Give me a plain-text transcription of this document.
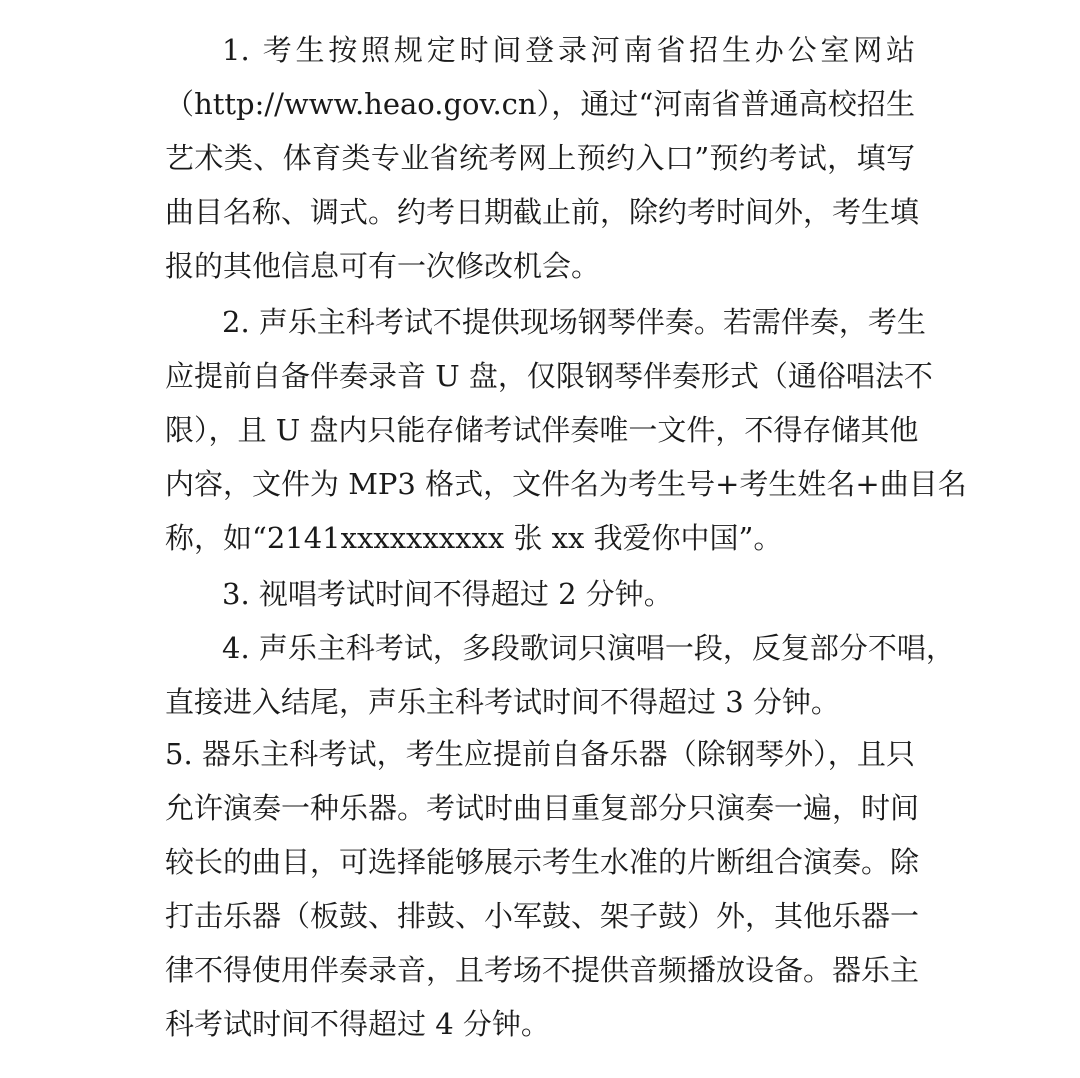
1. 考生按照规定时间登录河南省招生办公室网站
（http://www.heao.gov.cn），通过“河南省普通高校招生
艺术类、体育类专业省统考网上预约入口”预约考试，填写
曲目名称、调式。约考日期截止前，除约考时间外，考生填
报的其他信息可有一次修改机会。
2. 声乐主科考试不提供现场钢琴伴奏。若需伴奏，考生
应提前自备伴奏录音 U 盘，仅限钢琴伴奏形式（通俗唱法不
限），且 U 盘内只能存储考试伴奏唯一文件，不得存储其他
内容，文件为 MP3 格式，文件名为考生号+考生姓名+曲目名
称，如“2141xxxxxxxxxx 张 xx 我爱你中国”。
3. 视唱考试时间不得超过 2 分钟。
4. 声乐主科考试，多段歌词只演唱一段，反复部分不唱，
直接进入结尾，声乐主科考试时间不得超过 3 分钟。
5. 器乐主科考试，考生应提前自备乐器（除钢琴外），且只
允许演奏一种乐器。考试时曲目重复部分只演奏一遍，时间
较长的曲目，可选择能够展示考生水准的片断组合演奏。除
打击乐器（板鼓、排鼓、小军鼓、架子鼓）外，其他乐器一
律不得使用伴奏录音，且考场不提供音频播放设备。器乐主
科考试时间不得超过 4 分钟。
